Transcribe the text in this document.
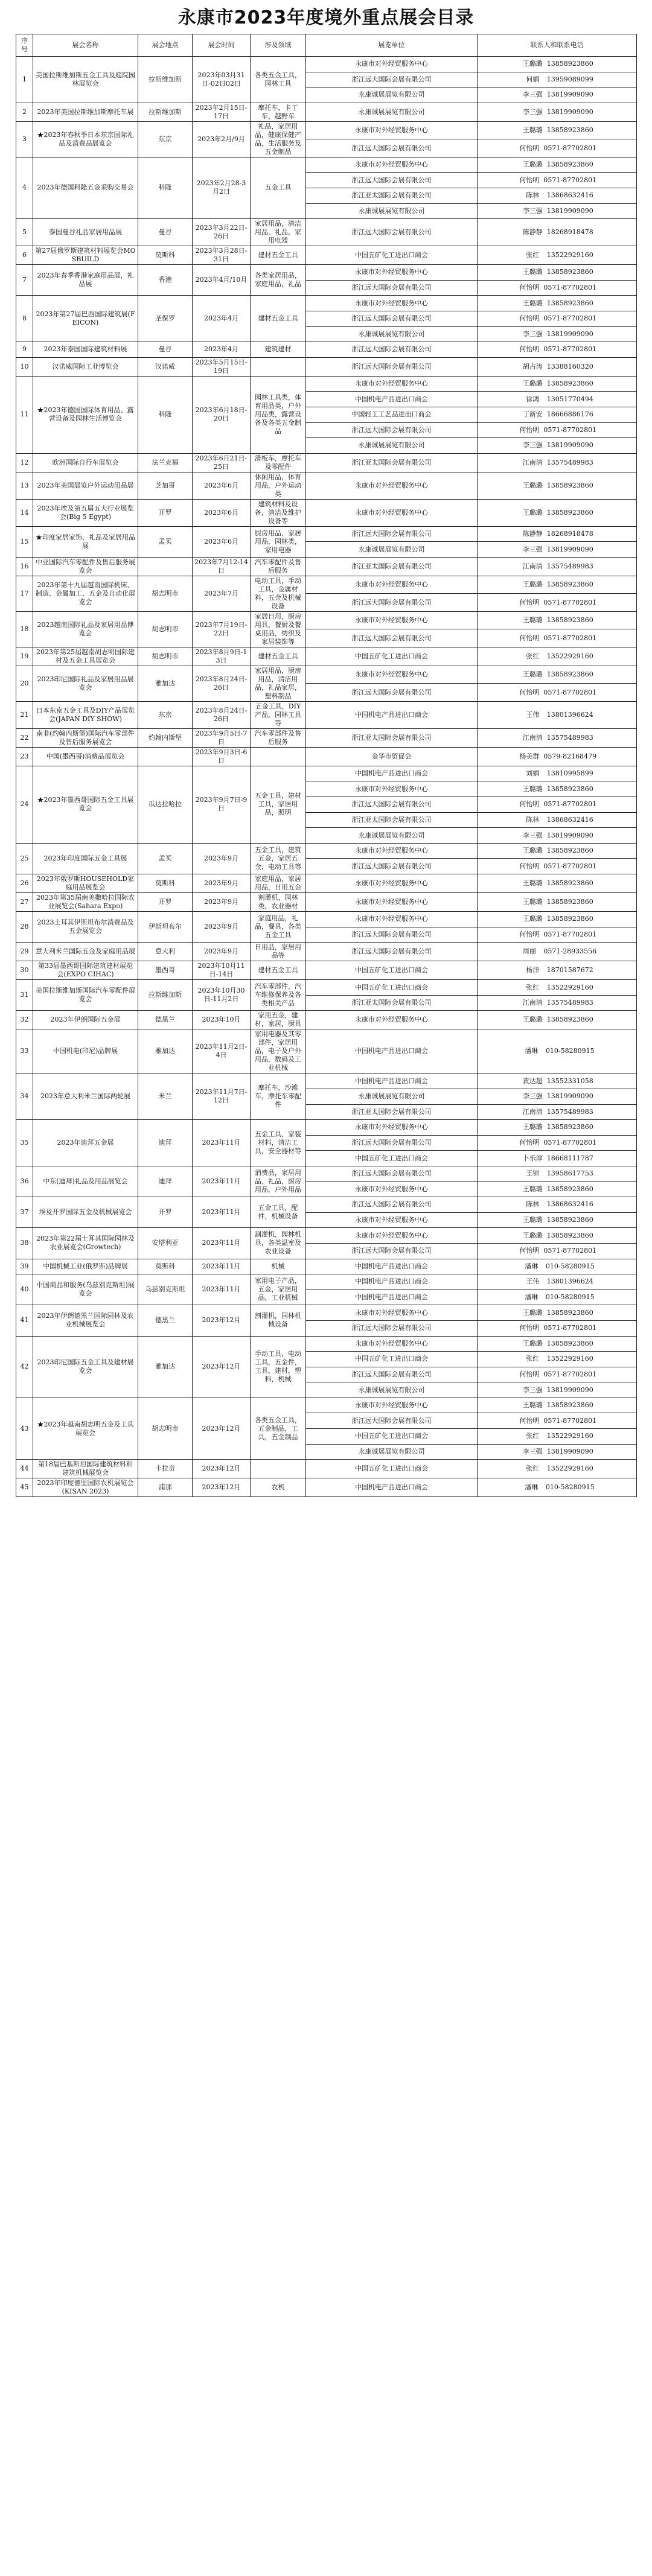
永康市2023年度境外重点展会目录
序号	展会名称	展会地点	展会时间	涉及领域	展览单位	联系人和联系电话
1	美国拉斯维加斯五金工具及庭院园林展览会	拉斯维加斯	2023年03月31日-02日02日	各类五金工具，园林工具	永康市对外经贸服务中心	王璐璐 13858923860
					浙江远大国际会展有限公司	何娟 13959089099
					永康诚展展览有限公司	李三强 13819909090
2	2023年美国拉斯维加斯摩托车展	拉斯维加斯	2023年2月15日-17日	摩托车，卡丁车，越野车	永康诚展展览有限公司	李三强 13819909090
3	★2023年春秋季日本东京国际礼品及消费品展览会	东京	2023年2月/9月	礼品，家居用品，健康保健产品，生活服务及五金制品	永康市对外经贸服务中心	王璐璐 13858923860
					浙江远大国际会展有限公司	何怡明 0571-87702801
4	2023年德国科隆五金采购交易会	科隆	2023年2月28-3月2日	五金工具	永康市对外经贸服务中心	王璐璐 13858923860
					浙江远大国际会展有限公司	何怡明 0571-87702801
					浙江亚太国际会展有限公司	陈林 13868632416
					永康诚展展览有限公司	李三强 13819909090
5	泰国曼谷礼品家居用品展	曼谷	2023年3月22日-26日	家居用品，清洁用品，礼品，家用电器	浙江远大国际会展有限公司	陈静静 18268918478
6	第27届俄罗斯建筑材料展览会MOSBUILD	莫斯科	2023年3月28日-31日	建材五金工具	中国五矿化工进出口商会	张红 13522929160
7	2023年春季香港家庭用品展，礼品展	香港	2023年4月/10月	各类家居用品，家庭用品，礼品	永康市对外经贸服务中心	王璐璐 13858923860
					浙江远大国际会展有限公司	何怡明 0571-87702801
8	2023年第27届巴西国际建筑展(FEICON)	圣保罗	2023年4月	建材五金工具	永康市对外经贸服务中心	王璐璐 13858923860
					浙江远大国际会展有限公司	何怡明 0571-87702801
					永康诚展展览有限公司	李三强 13819909090
9	2023年泰国国际建筑材料展	曼谷	2023年4月	建筑建材	浙江远大国际会展有限公司	何怡明 0571-87702801
10	汉诺威国际工业博览会	汉诺威	2023年5月15日-19日		浙江远大国际会展有限公司	胡占涛 13388160320
11	★2023年德国国际体育用品、露营设备及园林生活博览会	科隆	2023年6月18日-20日	园林工具类，体育用品类，户外用品类，露营设备及各类五金制品	永康市对外经贸服务中心	王璐璐 13858923860
					中国机电产品进出口商会	徐鸿 13051770494
					中国轻工工艺品进出口商会	丁新安 18666886176
					浙江远大国际会展有限公司	何怡明 0571-87702801
					永康诚展展览有限公司	李三强 13819909090
12	欧洲国际自行车展览会	法兰克福	2023年6月21日-25日	滑板车，摩托车及零配件	浙江亚太国际会展有限公司	江南清 13575489983
13	2023年美国展览户外运动用品展	芝加哥	2023年6月	休闲用品，体育用品，户外运动类	永康市对外经贸服务中心	王璐璐 13858923860
14	2023年埃及第五届五大行业展览会(Big 5 Egypt)	开罗	2023年6月	建筑材料及设备，清洁及维护设备等	永康市对外经贸服务中心	王璐璐 13858923860
15	★印度家居家饰、礼品及家居用品展	孟买	2023年6月	厨房用品，家居用品，园林类，家用电器	浙江远大国际会展有限公司	陈静静 18268918478
					永康诚展展览有限公司	李三强 13819909090
16	中亚国际汽车零配件及售后服务展览会		2023年7月12-14日	汽车零配件及售后服务	浙江亚太国际会展有限公司	江南清 13575489983
17	2023年第十九届越南国际机床、制造、金属加工、五金及自动化展览会	胡志明市	2023年7月	电动工具，手动工具，金属材料，五金及机械设备	永康市对外经贸服务中心	王璐璐 13858923860
					浙江远大国际会展有限公司	何怡明 0571-87702801
18	2023越南国际礼品及家居用品博览会	胡志明市	2023年7月19日-22日	家居日用，厨房用具，餐厨及餐桌用品，纺织及家居装饰等	永康市对外经贸服务中心	王璐璐 13858923860
					浙江远大国际会展有限公司	何怡明 0571-87702801
19	2023年第25届越南胡志明国际建材及五金工具展览会	胡志明市	2023年8月9日-13日	建材五金工具	中国五矿化工进出口商会	张红 13522929160
20	2023印尼国际礼品及家居用品展览会	雅加达	2023年8月24日-26日	家居用品，厨房用品，清洁用品，礼品家居，塑料制品	永康市对外经贸服务中心	王璐璐 13858923860
					浙江远大国际会展有限公司	何怡明 0571-87702801
21	日本东京五金工具及DIY产品展览会(JAPAN DIY SHOW)	东京	2023年8月24日-26日	五金工具，DIY产品，园林工具等	中国机电产品进出口商会	王伟 13801396624
22	南非(约翰内斯堡)国际汽车零部件及售后服务展览会	约翰内斯堡	2023年9月5日-7日	汽车零部件及售后服务	浙江亚太国际会展有限公司	江南清 13575489983
23	中国(墨西哥)消费品展览会		2023年9月3日-6日		金华市贸促会	杨美群 0579-82168479
24	★2023年墨西哥国际五金工具展览会	瓜达拉哈拉	2023年9月7日-9日	五金工具，建材工具，家居用品，照明	中国机电产品进出口商会	刘娟 13810995899
					永康市对外经贸服务中心	王璐璐 13858923860
					浙江远大国际会展有限公司	何怡明 0571-87702801
					浙江亚太国际会展有限公司	陈林 13868632416
					永康诚展展览有限公司	李三强 13819909090
25	2023年印度国际五金工具展	孟买	2023年9月	五金工具，建筑五金，家居五金，电动工具等	永康市对外经贸服务中心	王璐璐 13858923860
					浙江远大国际会展有限公司	何怡明 0571-87702801
26	2023年俄罗斯HOUSEHOLD家庭用品展览会	莫斯科	2023年9月	家庭用品，家居用品，日用五金	永康市对外经贸服务中心	王璐璐 13858923860
27	2023年第35届南美撒哈拉国际农业展览会(Sahara Expo)	开罗	2023年9月	割灌机，园林类，农业器材	永康市对外经贸服务中心	王璐璐 13858923860
28	2023土耳其伊斯坦布尔消费品及五金展览会	伊斯坦布尔	2023年9月	家庭用品，礼品，餐具，各类五金工具	永康市对外经贸服务中心	王璐璐 13858923860
					浙江远大国际会展有限公司	何怡明 0571-87702801
29	意大利米兰国际五金及家庭用品展	意大利	2023年9月	日用品，家居用品等	浙江远大国际会展有限公司	周丽 0571-28933556
30	第33届墨西哥国际建筑建材展览会(EXPO CIHAC)	墨西哥	2023年10月11日-14日	建材五金工具	中国五矿化工进出口商会	杨洋 18701587672
31	美国拉斯维加斯国际汽车零配件展览会	拉斯维加斯	2023年10月30日-11月2日	汽车零部件，汽车维修保养及各类相关产品	中国五矿化工进出口商会	张红 13522929160
					浙江亚太国际会展有限公司	江南清 13575489983
32	2023年伊朗国际五金展	德黑兰	2023年10月	家用五金，建材，家居，厨具	永康市对外经贸服务中心	王璐璐 13858923860
33	中国机电(印尼)品牌展	雅加达	2023年11月2日-4日	家用电器及其零部件，家居用品，电子及户外用品，数码及工业机械	中国机电产品进出口商会	潘琳 010-58280915
34	2023年意大利米兰国际两轮展	米兰	2023年11月7日-12日	摩托车，沙滩车，摩托车零配件	中国机电产品进出口商会	黄达超 13552331058
					永康诚展展览有限公司	李三强 13819909090
					浙江亚太国际会展有限公司	江南清 13575489983
35	2023年迪拜五金展	迪拜	2023年11月	五金工具，家装材料，清洁工具，安全器材等	永康市对外经贸服务中心	王璐璐 13858923860
					浙江远大国际会展有限公司	何怡明 0571-87702801
					中国五矿化工进出口商会	卜乐淳 18668111787
36	中东(迪拜)礼品及用品展览会	迪拜	2023年11月	消费品，家居用品，礼品，厨房用品，户外用品	浙江远大国际会展有限公司	王锦 13958617753
					永康市对外经贸服务中心	王璐璐 13858923860
37	埃及开罗国际五金及机械展览会	开罗	2023年11月	五金工具，配件，机械设备	浙江远大国际会展有限公司	陈林 13868632416
					永康市对外经贸服务中心	王璐璐 13858923860
38	2023年第22届土耳其国际园林及农业展览会(Growtech)	安塔利亚	2023年11月	割灌机，园林机具，各类温室及农业设备	永康市对外经贸服务中心	王璐璐 13858923860
					浙江远大国际会展有限公司	何怡明 0571-87702801
39	中国机械工业(俄罗斯)品牌展	莫斯科	2023年11月	机械	中国机电产品进出口商会	潘琳 010-58280915
40	中国商品和服务(乌兹别克斯坦)展览会	乌兹别克斯坦	2023年11月	家用电子产品，五金，家居用品，工业机械	中国机电产品进出口商会	王伟 13801396624
					中国机电产品进出口商会	潘琳 010-58280915
41	2023年伊朗德黑兰国际园林及农业机械展览会	德黑兰	2023年12月	割灌机，园林机械设备	永康市对外经贸服务中心	王璐璐 13858923860
					浙江远大国际会展有限公司	何怡明 0571-87702801
42	2023印尼国际五金工具及建材展览会	雅加达	2023年12月	手动工具，电动工具，五金件，工具，建材，塑料，机械	永康市对外经贸服务中心	王璐璐 13858923860
					中国五矿化工进出口商会	张红 13522929160
					浙江远大国际会展有限公司	何怡明 0571-87702801
					永康诚展展览有限公司	李三强 13819909090
43	★2023年越南胡志明五金及工具展览会	胡志明市	2023年12月	各类五金工具，五金制品，工具，五金制品	永康市对外经贸服务中心	王璐璐 13858923860
					浙江远大国际会展有限公司	何怡明 0571-87702801
					中国五矿化工进出口商会	张红 13522929160
					永康诚展展览有限公司	李三强 13819909090
44	第18届巴基斯坦国际建筑材料和建筑机械展览会	卡拉奇	2023年12月		中国五矿化工进出口商会	张红 13522929160
45	2023年印度德里国际农机展览会(KISAN 2023)	浦那	2023年12月	农机	中国机电产品进出口商会	潘琳 010-58280915
